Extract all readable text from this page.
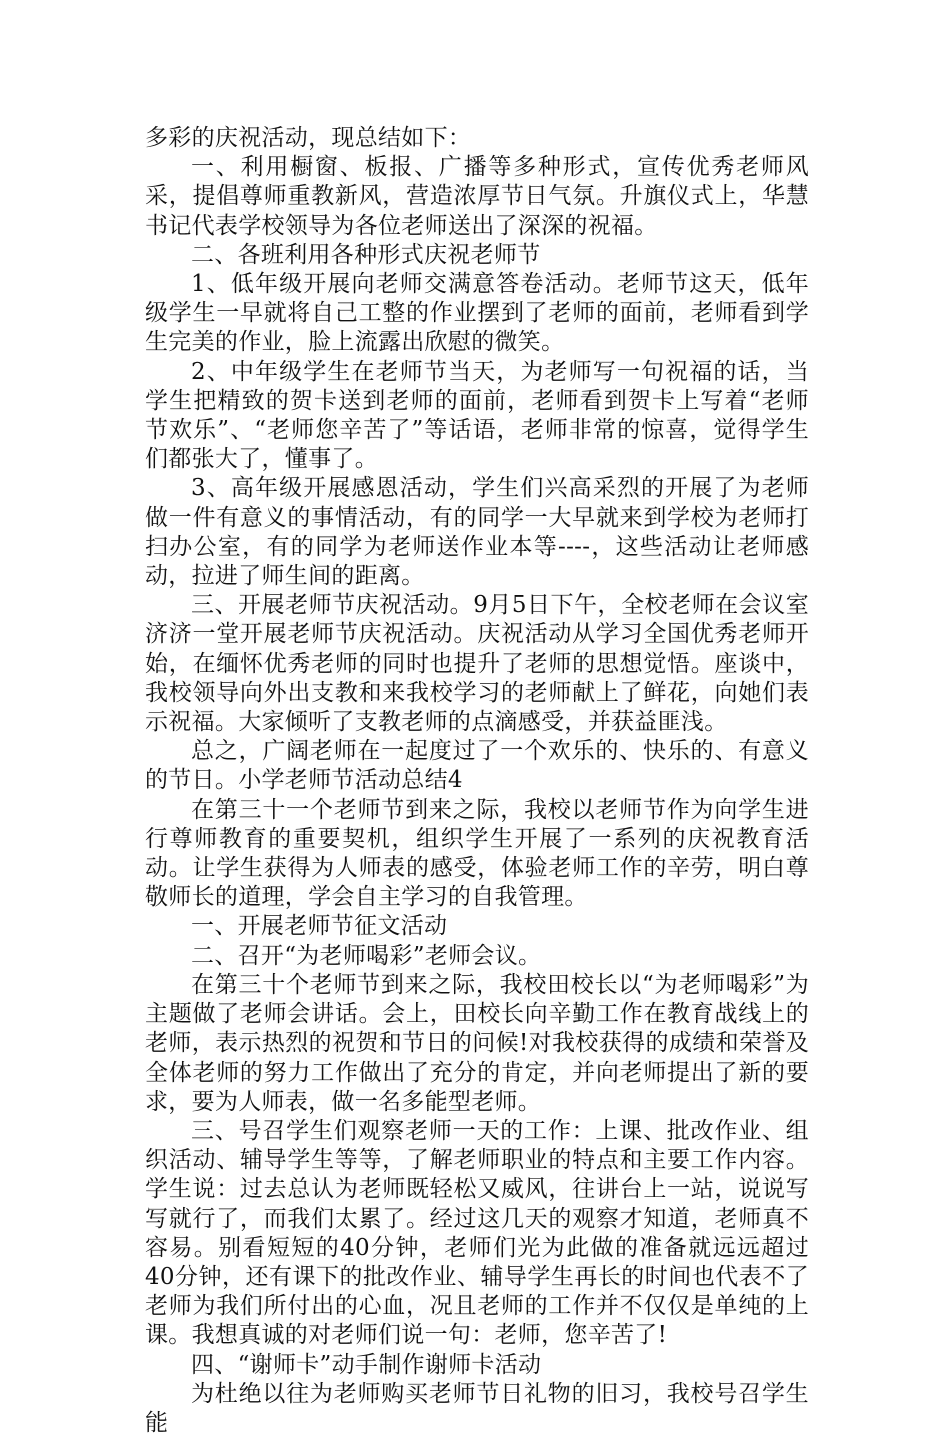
多彩的庆祝活动，现总结如下：

一、利用橱窗、板报、广播等多种形式，宣传优秀老师风采，提倡尊师重教新风，营造浓厚节日气氛。升旗仪式上，华慧书记代表学校领导为各位老师送出了深深的祝福。

二、各班利用各种形式庆祝老师节

1、低年级开展向老师交满意答卷活动。老师节这天，低年级学生一早就将自己工整的作业摆到了老师的面前，老师看到学生完美的作业，脸上流露出欣慰的微笑。

2、中年级学生在老师节当天，为老师写一句祝福的话，当学生把精致的贺卡送到老师的面前，老师看到贺卡上写着“老师节欢乐”、“老师您辛苦了”等话语，老师非常的惊喜，觉得学生们都张大了，懂事了。

3、高年级开展感恩活动，学生们兴高采烈的开展了为老师做一件有意义的事情活动，有的同学一大早就来到学校为老师打扫办公室，有的同学为老师送作业本等----，这些活动让老师感动，拉进了师生间的距离。

三、开展老师节庆祝活动。9月5日下午，全校老师在会议室济济一堂开展老师节庆祝活动。庆祝活动从学习全国优秀老师开始，在缅怀优秀老师的同时也提升了老师的思想觉悟。座谈中，我校领导向外出支教和来我校学习的老师献上了鲜花，向她们表示祝福。大家倾听了支教老师的点滴感受，并获益匪浅。

总之，广阔老师在一起度过了一个欢乐的、快乐的、有意义的节日。小学老师节活动总结4

在第三十一个老师节到来之际，我校以老师节作为向学生进行尊师教育的重要契机，组织学生开展了一系列的庆祝教育活动。让学生获得为人师表的感受，体验老师工作的辛劳，明白尊敬师长的道理，学会自主学习的自我管理。

一、开展老师节征文活动

二、召开“为老师喝彩”老师会议。

在第三十个老师节到来之际，我校田校长以“为老师喝彩”为主题做了老师会讲话。会上，田校长向辛勤工作在教育战线上的老师，表示热烈的祝贺和节日的问候!对我校获得的成绩和荣誉及全体老师的努力工作做出了充分的肯定，并向老师提出了新的要求，要为人师表，做一名多能型老师。

三、号召学生们观察老师一天的工作：上课、批改作业、组织活动、辅导学生等等，了解老师职业的特点和主要工作内容。学生说：过去总认为老师既轻松又威风，往讲台上一站，说说写写就行了，而我们太累了。经过这几天的观察才知道，老师真不容易。别看短短的40分钟，老师们光为此做的准备就远远超过40分钟，还有课下的批改作业、辅导学生再长的时间也代表不了老师为我们所付出的心血，况且老师的工作并不仅仅是单纯的上课。我想真诚的对老师们说一句：老师，您辛苦了!

四、“谢师卡”动手制作谢师卡活动

为杜绝以往为老师购买老师节日礼物的旧习，我校号召学生能
